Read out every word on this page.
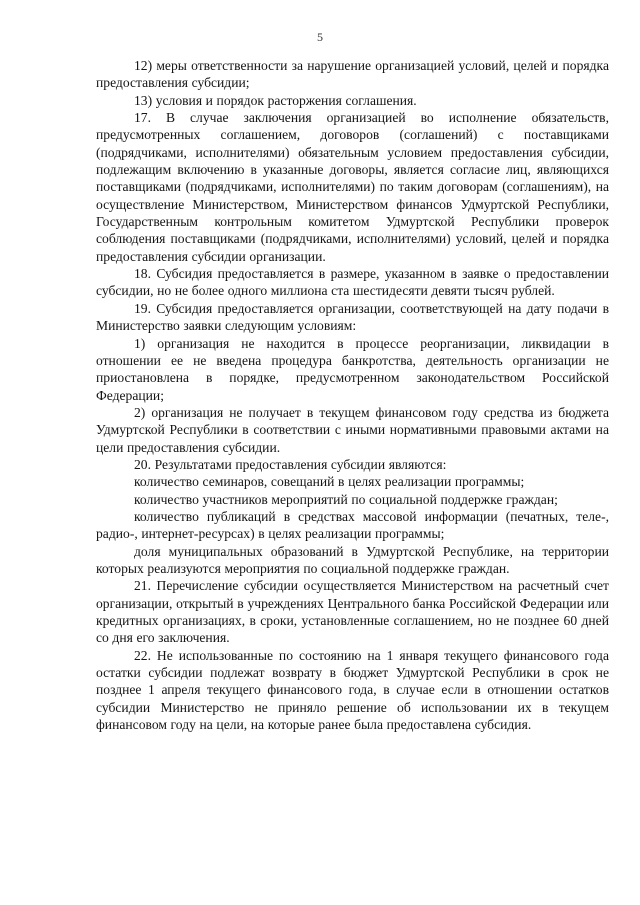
5

12) меры ответственности за нарушение организацией условий, целей и порядка предоставления субсидии;

13) условия и порядок расторжения соглашения.

17. В случае заключения организацией во исполнение обязательств, предусмотренных соглашением, договоров (соглашений) с поставщиками (подрядчиками, исполнителями) обязательным условием предоставления субсидии, подлежащим включению в указанные договоры, является согласие лиц, являющихся поставщиками (подрядчиками, исполнителями) по таким договорам (соглашениям), на осуществление Министерством, Министерством финансов Удмуртской Республики, Государственным контрольным комитетом Удмуртской Республики проверок соблюдения поставщиками (подрядчиками, исполнителями) условий, целей и порядка предоставления субсидии организации.

18. Субсидия предоставляется в размере, указанном в заявке о предоставлении субсидии, но не более одного миллиона ста шестидесяти девяти тысяч рублей.

19. Субсидия предоставляется организации, соответствующей на дату подачи в Министерство заявки следующим условиям:

1) организация не находится в процессе реорганизации, ликвидации в отношении ее не введена процедура банкротства, деятельность организации не приостановлена в порядке, предусмотренном законодательством Российской Федерации;

2) организация не получает в текущем финансовом году средства из бюджета Удмуртской Республики в соответствии с иными нормативными правовыми актами на цели предоставления субсидии.

20. Результатами предоставления субсидии являются:

количество семинаров, совещаний в целях реализации программы;

количество участников мероприятий по социальной поддержке граждан;

количество публикаций в средствах массовой информации (печатных, теле-, радио-, интернет-ресурсах) в целях реализации программы;

доля муниципальных образований в Удмуртской Республике, на территории которых реализуются мероприятия по социальной поддержке граждан.

21. Перечисление субсидии осуществляется Министерством на расчетный счет организации, открытый в учреждениях Центрального банка Российской Федерации или кредитных организациях, в сроки, установленные соглашением, но не позднее 60 дней со дня его заключения.

22. Не использованные по состоянию на 1 января текущего финансового года остатки субсидии подлежат возврату в бюджет Удмуртской Республики в срок не позднее 1 апреля текущего финансового года, в случае если в отношении остатков субсидии Министерство не приняло решение об использовании их в текущем финансовом году на цели, на которые ранее была предоставлена субсидия.
